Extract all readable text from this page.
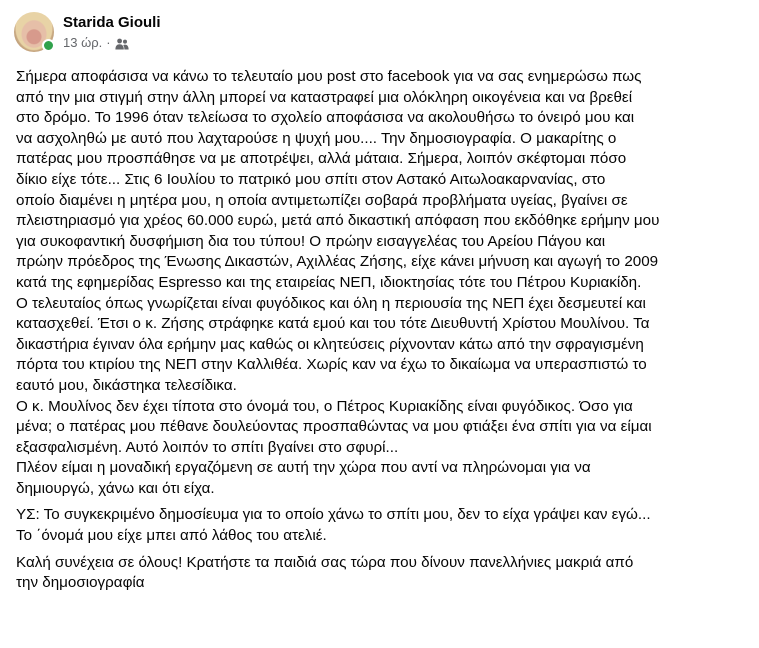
Starida Giouli
13 ώρ. ·
Σήμερα αποφάσισα να κάνω το τελευταίο μου post στο facebook για να σας ενημερώσω πως
από την μια στιγμή στην άλλη μπορεί να καταστραφεί μια ολόκληρη οικογένεια και να βρεθεί
στο δρόμο. Το 1996 όταν τελείωσα το σχολείο αποφάσισα να ακολουθήσω το όνειρό μου και
να ασχοληθώ με αυτό που λαχταρούσε η ψυχή μου.... Την δημοσιογραφία. Ο μακαρίτης ο
πατέρας μου προσπάθησε να με αποτρέψει, αλλά μάταια. Σήμερα, λοιπόν σκέφτομαι πόσο
δίκιο είχε τότε... Στις 6 Ιουλίου το πατρικό μου σπίτι στον Αστακό Αιτωλοακαρνανίας, στο
οποίο διαμένει η μητέρα μου, η οποία αντιμετωπίζει σοβαρά προβλήματα υγείας, βγαίνει σε
πλειστηριασμό για χρέος 60.000 ευρώ, μετά από δικαστική απόφαση που εκδόθηκε ερήμην μου
για συκοφαντική δυσφήμιση δια του τύπου! Ο πρώην εισαγγελέας του Αρείου Πάγου και
πρώην πρόεδρος της Ένωσης Δικαστών, Αχιλλέας Ζήσης, είχε κάνει μήνυση και αγωγή το 2009
κατά της εφημερίδας Espresso και της εταιρείας ΝΕΠ, ιδιοκτησίας τότε του Πέτρου Κυριακίδη.
Ο τελευταίος όπως γνωρίζεται είναι φυγόδικος και όλη η περιουσία της ΝΕΠ έχει δεσμευτεί και
κατασχεθεί. Έτσι ο κ. Ζήσης στράφηκε κατά εμού και του τότε Διευθυντή Χρίστου Μουλίνου. Τα
δικαστήρια έγιναν όλα ερήμην μας καθώς οι κλητεύσεις ρίχνονταν κάτω από την σφραγισμένη
πόρτα του κτιρίου της ΝΕΠ στην Καλλιθέα. Χωρίς καν να έχω το δικαίωμα να υπερασπιστώ το
εαυτό μου, δικάστηκα τελεσίδικα.
Ο κ. Μουλίνος δεν έχει τίποτα στο όνομά του, ο Πέτρος Κυριακίδης είναι φυγόδικος. Όσο για
μένα; ο πατέρας μου πέθανε δουλεύοντας προσπαθώντας να μου φτιάξει ένα σπίτι για να είμαι
εξασφαλισμένη. Αυτό λοιπόν το σπίτι βγαίνει στο σφυρί...
Πλέον είμαι η μοναδική εργαζόμενη σε αυτή την χώρα που αντί να πληρώνομαι για να
δημιουργώ, χάνω και ότι είχα.
ΥΣ: Το συγκεκριμένο δημοσίευμα για το οποίο χάνω το σπίτι μου, δεν το είχα γράψει καν εγώ...
Το ΄όνομά μου είχε μπει από λάθος του ατελιέ.
Καλή συνέχεια σε όλους! Κρατήστε τα παιδιά σας τώρα που δίνουν πανελλήνιες μακριά από
την δημοσιογραφία
